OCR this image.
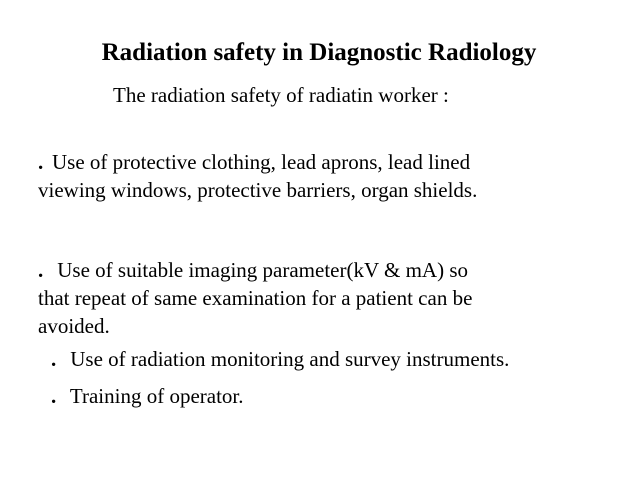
Radiation safety in Diagnostic Radiology
The radiation safety of radiatin worker :
. Use of protective clothing, lead aprons, lead lined
viewing windows, protective barriers, organ shields.
. Use of suitable imaging parameter(kV & mA) so
that repeat of same examination for a patient can be
avoided.
. Use of radiation monitoring and survey instruments.
. Training of operator.
